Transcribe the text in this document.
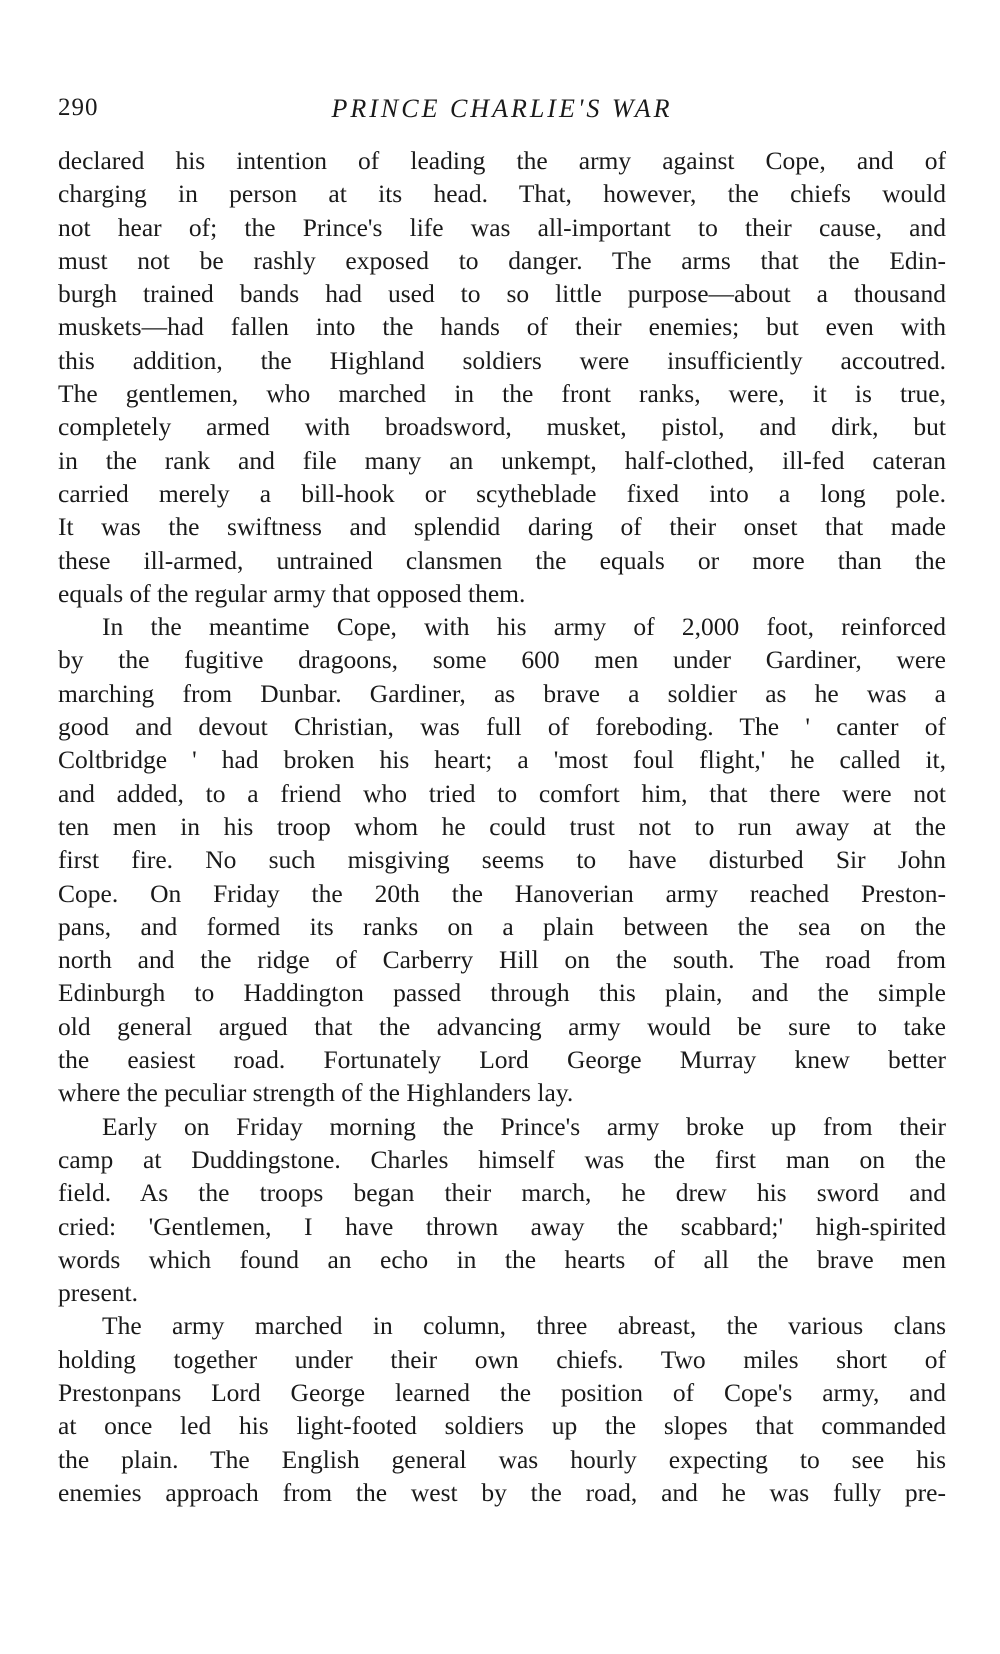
290	PRINCE CHARLIE'S WAR

declared his intention of leading the army against Cope, and of
charging in person at its head. That, however, the chiefs would
not hear of; the Prince's life was all-important to their cause, and
must not be rashly exposed to danger. The arms that the Edin-
burgh trained bands had used to so little purpose—about a thousand
muskets—had fallen into the hands of their enemies; but even with
this addition, the Highland soldiers were insufficiently accoutred.
The gentlemen, who marched in the front ranks, were, it is true,
completely armed with broadsword, musket, pistol, and dirk, but
in the rank and file many an unkempt, half-clothed, ill-fed cateran
carried merely a bill-hook or scytheblade fixed into a long pole.
It was the swiftness and splendid daring of their onset that made
these ill-armed, untrained clansmen the equals or more than the
equals of the regular army that opposed them.

In the meantime Cope, with his army of 2,000 foot, reinforced
by the fugitive dragoons, some 600 men under Gardiner, were
marching from Dunbar. Gardiner, as brave a soldier as he was a
good and devout Christian, was full of foreboding. The ' canter of
Coltbridge ' had broken his heart; a 'most foul flight,' he called it,
and added, to a friend who tried to comfort him, that there were not
ten men in his troop whom he could trust not to run away at the
first fire. No such misgiving seems to have disturbed Sir John
Cope. On Friday the 20th the Hanoverian army reached Preston-
pans, and formed its ranks on a plain between the sea on the
north and the ridge of Carberry Hill on the south. The road from
Edinburgh to Haddington passed through this plain, and the simple
old general argued that the advancing army would be sure to take
the easiest road. Fortunately Lord George Murray knew better
where the peculiar strength of the Highlanders lay.

Early on Friday morning the Prince's army broke up from their
camp at Duddingstone. Charles himself was the first man on the
field. As the troops began their march, he drew his sword and
cried: 'Gentlemen, I have thrown away the scabbard;' high-spirited
words which found an echo in the hearts of all the brave men
present.

The army marched in column, three abreast, the various clans
holding together under their own chiefs. Two miles short of
Prestonpans Lord George learned the position of Cope's army, and
at once led his light-footed soldiers up the slopes that commanded
the plain. The English general was hourly expecting to see his
enemies approach from the west by the road, and he was fully pre-
